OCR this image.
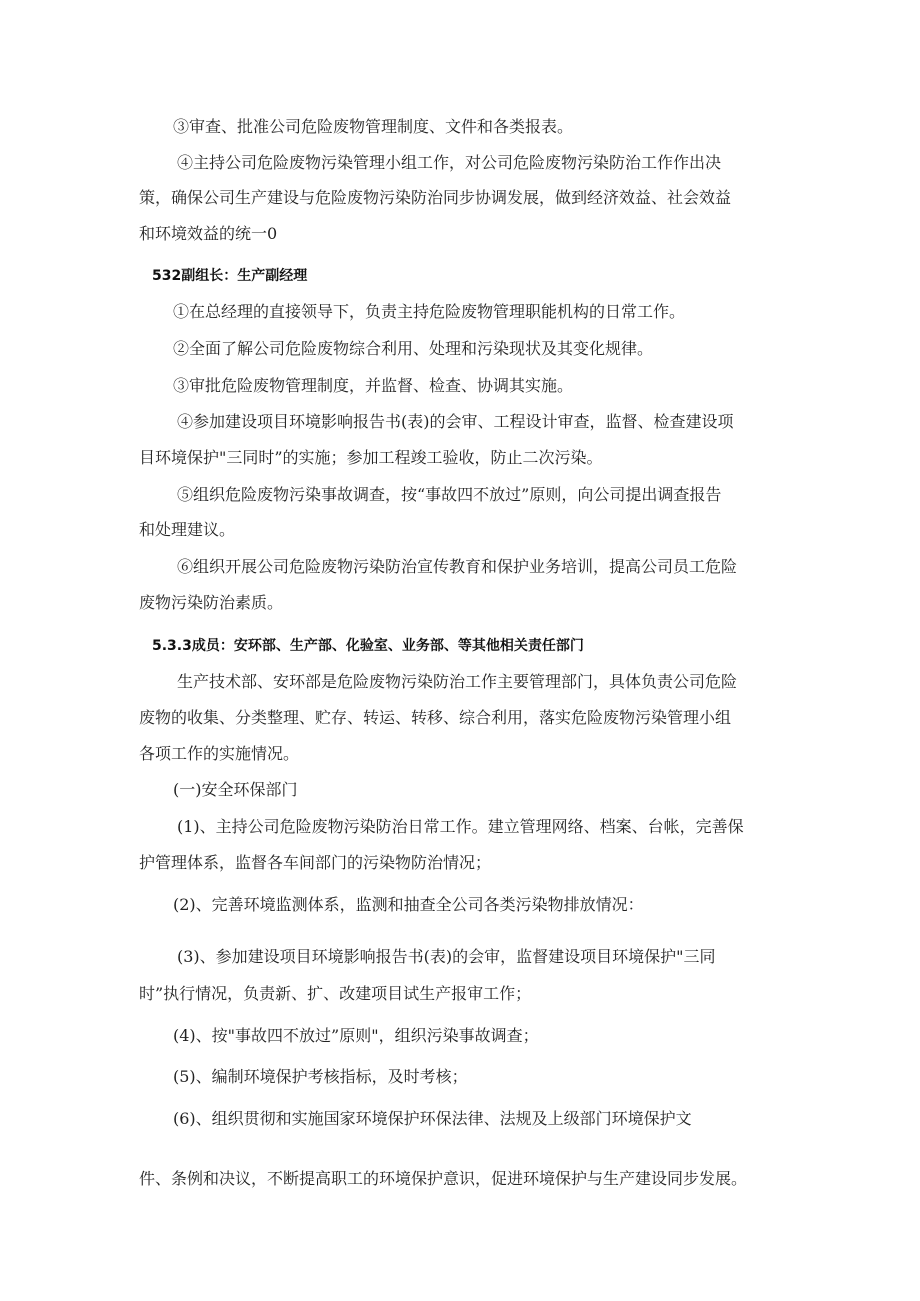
③审查、批准公司危险废物管理制度、文件和各类报表。

④主持公司危险废物污染管理小组工作，对公司危险废物污染防治工作作出决

策，确保公司生产建设与危险废物污染防治同步协调发展，做到经济效益、社会效益

和环境效益的统一0

532副组长：生产副经理

①在总经理的直接领导下，负责主持危险废物管理职能机构的日常工作。

②全面了解公司危险废物综合利用、处理和污染现状及其变化规律。

③审批危险废物管理制度，并监督、检查、协调其实施。

④参加建设项目环境影响报告书(表)的会审、工程设计审查，监督、检查建设项

目环境保护"三同时”的实施；参加工程竣工验收，防止二次污染。

⑤组织危险废物污染事故调查，按“事故四不放过”原则，向公司提出调查报告

和处理建议。

⑥组织开展公司危险废物污染防治宣传教育和保护业务培训，提高公司员工危险

废物污染防治素质。

5.3.3成员：安环部、生产部、化验室、业务部、等其他相关责任部门

生产技术部、安环部是危险废物污染防治工作主要管理部门，具体负责公司危险

废物的收集、分类整理、贮存、转运、转移、综合利用，落实危险废物污染管理小组

各项工作的实施情况。

(一)安全环保部门

(1)、主持公司危险废物污染防治日常工作。建立管理网络、档案、台帐，完善保

护管理体系，监督各车间部门的污染物防治情况；

(2)、完善环境监测体系，监测和抽查全公司各类污染物排放情况：

(3)、参加建设项目环境影响报告书(表)的会审，监督建设项目环境保护"三同

时”执行情况，负责新、扩、改建项目试生产报审工作；

(4)、按"事故四不放过”原则"，组织污染事故调查；

(5)、编制环境保护考核指标，及时考核；

(6)、组织贯彻和实施国家环境保护环保法律、法规及上级部门环境保护文

件、条例和决议，不断提高职工的环境保护意识，促进环境保护与生产建设同步发展。
